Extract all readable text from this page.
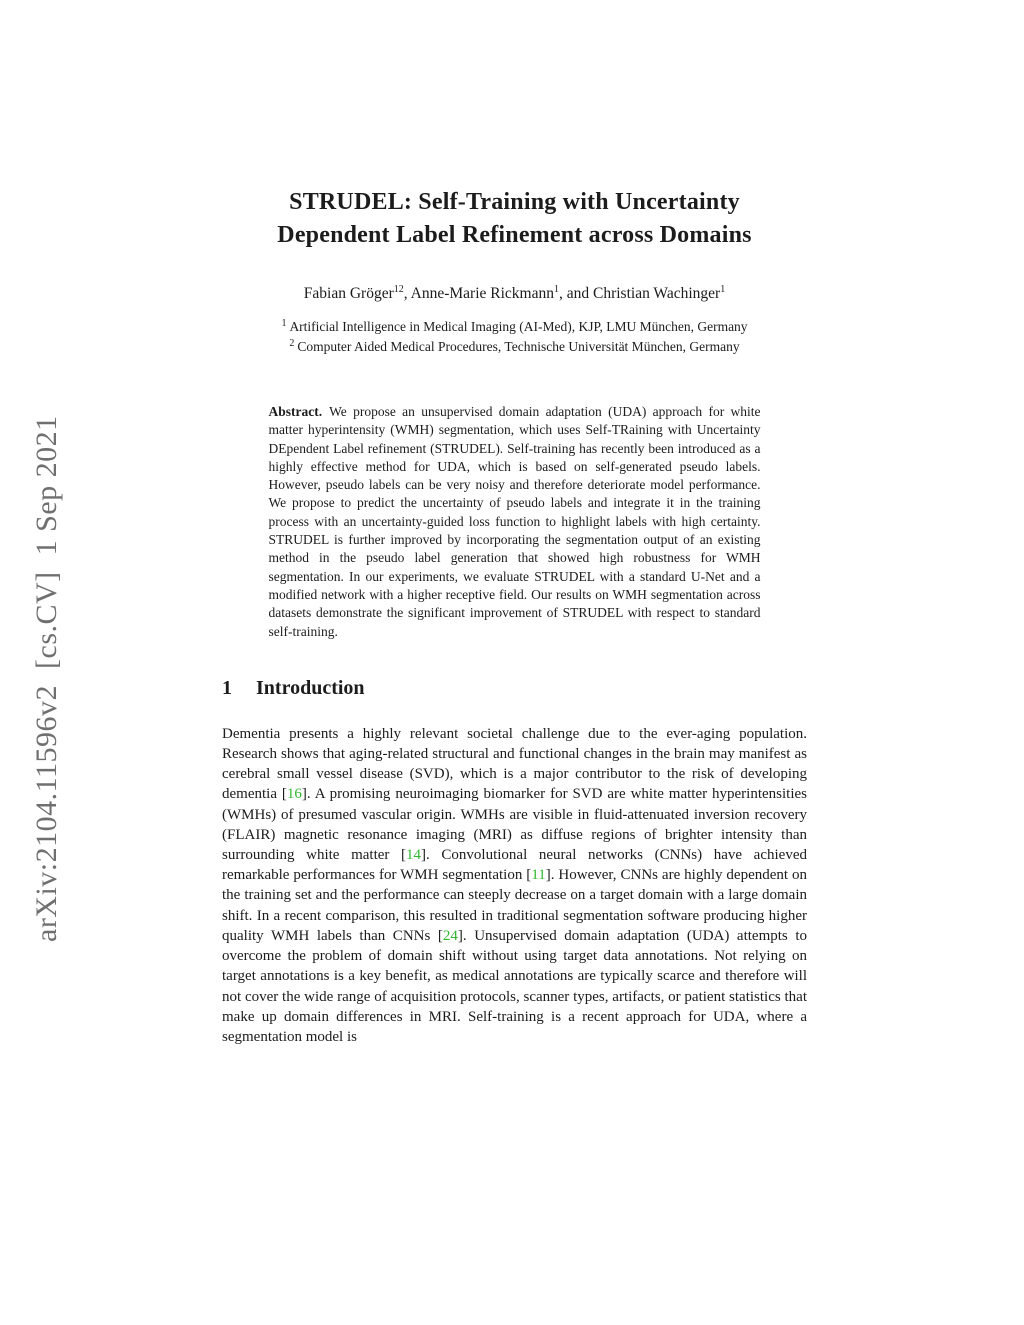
arXiv:2104.11596v2  [cs.CV]  1 Sep 2021
STRUDEL: Self-Training with Uncertainty
Dependent Label Refinement across Domains
Fabian Gröger$^{12}$, Anne-Marie Rickmann$^1$, and Christian Wachinger$^1$
$^1$ Artificial Intelligence in Medical Imaging (AI-Med), KJP, LMU München, Germany
$^2$ Computer Aided Medical Procedures, Technische Universität München, Germany

Abstract. We propose an unsupervised domain adaptation (UDA) approach for white matter hyperintensity (WMH) segmentation, which uses Self-TRaining with Uncertainty DEpendent Label refinement (STRUDEL). Self-training has recently been introduced as a highly effective method for UDA, which is based on self-generated pseudo labels. However, pseudo labels can be very noisy and therefore deteriorate model performance. We propose to predict the uncertainty of pseudo labels and integrate it in the training process with an uncertainty-guided loss function to highlight labels with high certainty. STRUDEL is further improved by incorporating the segmentation output of an existing method in the pseudo label generation that showed high robustness for WMH segmentation. In our experiments, we evaluate STRUDEL with a standard U-Net and a modified network with a higher receptive field. Our results on WMH segmentation across datasets demonstrate the significant improvement of STRUDEL with respect to standard self-training.

1 Introduction

Dementia presents a highly relevant societal challenge due to the ever-aging population. Research shows that aging-related structural and functional changes in the brain may manifest as cerebral small vessel disease (SVD), which is a major contributor to the risk of developing dementia [16]. A promising neuroimaging biomarker for SVD are white matter hyperintensities (WMHs) of presumed vascular origin. WMHs are visible in fluid-attenuated inversion recovery (FLAIR) magnetic resonance imaging (MRI) as diffuse regions of brighter intensity than surrounding white matter [14]. Convolutional neural networks (CNNs) have achieved remarkable performances for WMH segmentation [11]. However, CNNs are highly dependent on the training set and the performance can steeply decrease on a target domain with a large domain shift. In a recent comparison, this resulted in traditional segmentation software producing higher quality WMH labels than CNNs [24]. Unsupervised domain adaptation (UDA) attempts to overcome the problem of domain shift without using target data annotations. Not relying on target annotations is a key benefit, as medical annotations are typically scarce and therefore will not cover the wide range of acquisition protocols, scanner types, artifacts, or patient statistics that make up domain differences in MRI. Self-training is a recent approach for UDA, where a segmentation model is
